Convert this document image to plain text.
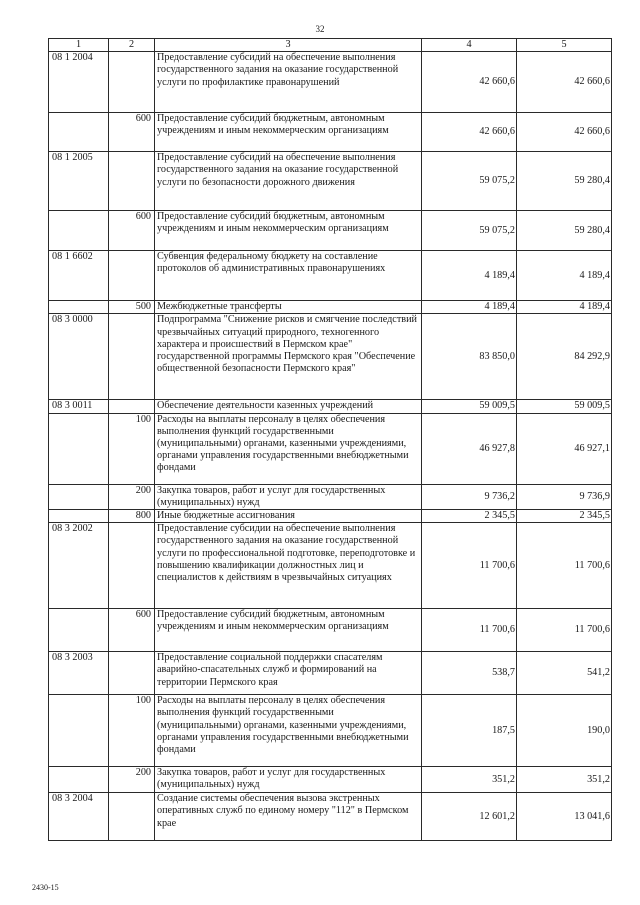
32
1	2	3	4	5
08 1 2004		Предоставление субсидий на обеспечение выполнения государственного задания на оказание государственной услуги по профилактике правонарушений	42 660,6	42 660,6
	600	Предоставление субсидий бюджетным, автономным учреждениям и иным некоммерческим организациям	42 660,6	42 660,6
08 1 2005		Предоставление субсидий на обеспечение выполнения государственного задания на оказание государственной услуги по безопасности дорожного движения	59 075,2	59 280,4
	600	Предоставление субсидий бюджетным, автономным учреждениям и иным некоммерческим организациям	59 075,2	59 280,4
08 1 6602		Субвенция федеральному бюджету на составление протоколов об административных правонарушениях	4 189,4	4 189,4
	500	Межбюджетные трансферты	4 189,4	4 189,4
08 3 0000		Подпрограмма "Снижение рисков и смягчение последствий чрезвычайных ситуаций природного, техногенного характера и происшествий в Пермском крае" государственной программы Пермского края "Обеспечение общественной безопасности Пермского края"	83 850,0	84 292,9
08 3 0011		Обеспечение деятельности казенных учреждений	59 009,5	59 009,5
	100	Расходы на выплаты персоналу в целях обеспечения выполнения функций государственными (муниципальными) органами, казенными учреждениями, органами управления государственными внебюджетными фондами	46 927,8	46 927,1
	200	Закупка товаров, работ и услуг для государственных (муниципальных) нужд	9 736,2	9 736,9
	800	Иные бюджетные ассигнования	2 345,5	2 345,5
08 3 2002		Предоставление субсидии на обеспечение выполнения государственного задания на оказание государственной услуги по профессиональной подготовке, переподготовке и повышению квалификации должностных лиц и специалистов к действиям в чрезвычайных ситуациях	11 700,6	11 700,6
	600	Предоставление субсидий бюджетным, автономным учреждениям и иным некоммерческим организациям	11 700,6	11 700,6
08 3 2003		Предоставление социальной поддержки спасателям аварийно-спасательных служб и формирований на территории Пермского края	538,7	541,2
	100	Расходы на выплаты персоналу в целях обеспечения выполнения функций государственными (муниципальными) органами, казенными учреждениями, органами управления государственными внебюджетными фондами	187,5	190,0
	200	Закупка товаров, работ и услуг для государственных (муниципальных) нужд	351,2	351,2
08 3 2004		Создание системы обеспечения вызова экстренных оперативных служб по единому номеру "112" в Пермском крае	12 601,2	13 041,6
2430-15
